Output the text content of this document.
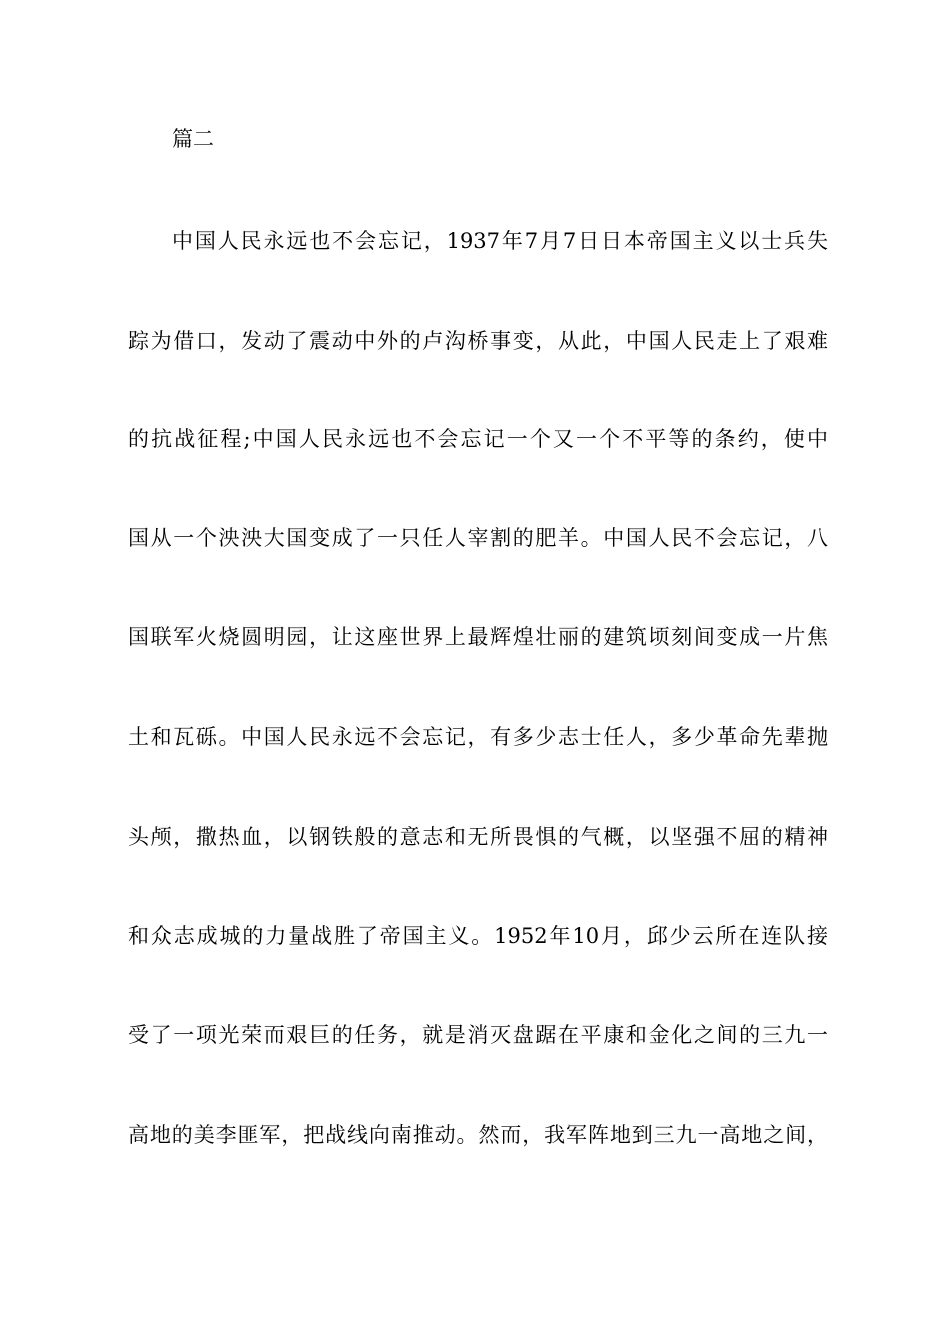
篇二
中国人民永远也不会忘记，1937年7月7日日本帝国主义以士兵失
踪为借口，发动了震动中外的卢沟桥事变，从此，中国人民走上了艰难
的抗战征程;中国人民永远也不会忘记一个又一个不平等的条约，使中
国从一个泱泱大国变成了一只任人宰割的肥羊。中国人民不会忘记，八
国联军火烧圆明园，让这座世界上最辉煌壮丽的建筑顷刻间变成一片焦
土和瓦砾。中国人民永远不会忘记，有多少志士任人，多少革命先辈抛
头颅，撒热血，以钢铁般的意志和无所畏惧的气概，以坚强不屈的精神
和众志成城的力量战胜了帝国主义。1952年10月，邱少云所在连队接
受了一项光荣而艰巨的任务，就是消灭盘踞在平康和金化之间的三九一
高地的美李匪军，把战线向南推动。然而，我军阵地到三九一高地之间，
